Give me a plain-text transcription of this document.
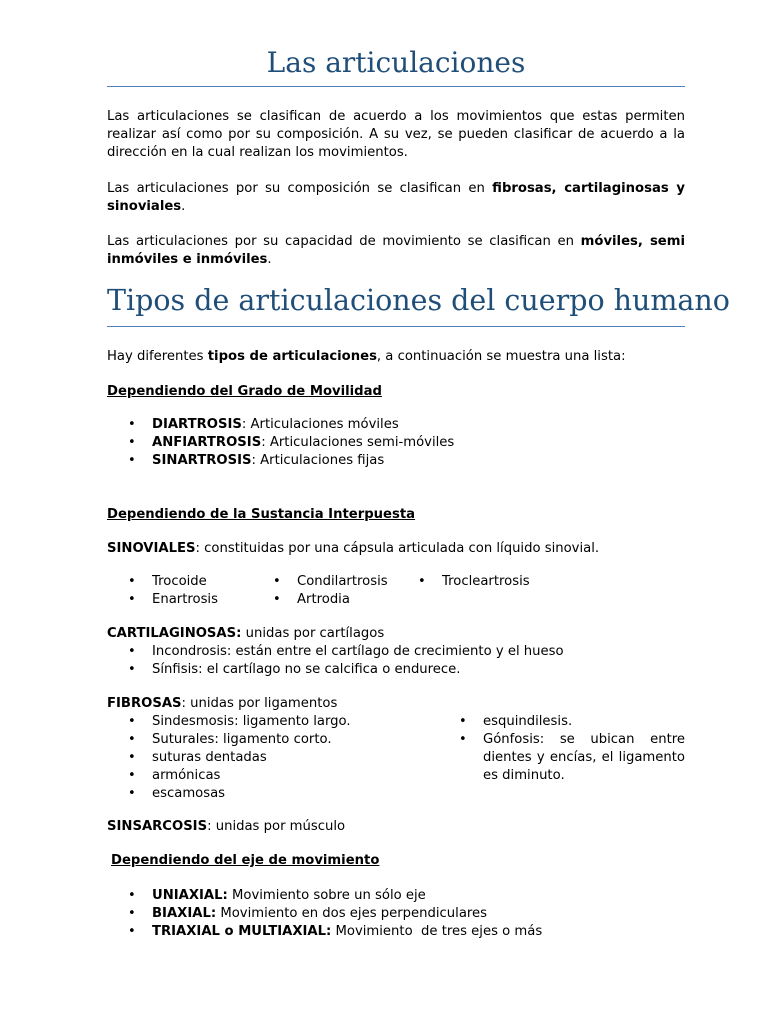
Las articulaciones
Las articulaciones se clasifican de acuerdo a los movimientos que estas permiten realizar así como por su composición. A su vez, se pueden clasificar de acuerdo a la dirección en la cual realizan los movimientos.
Las articulaciones por su composición se clasifican en fibrosas, cartilaginosas y sinoviales.
Las articulaciones por su capacidad de movimiento se clasifican en móviles, semi inmóviles e inmóviles.
Tipos de articulaciones del cuerpo humano
Hay diferentes tipos de articulaciones, a continuación se muestra una lista:
Dependiendo del Grado de Movilidad
• DIARTROSIS: Articulaciones móviles
• ANFIARTROSIS: Articulaciones semi-móviles
• SINARTROSIS: Articulaciones fijas
Dependiendo de la Sustancia Interpuesta
SINOVIALES: constituidas por una cápsula articulada con líquido sinovial.
• Trocoide
• Enartrosis
• Condilartrosis
• Artrodia
• Trocleartrosis
CARTILAGINOSAS: unidas por cartílagos
• Incondrosis: están entre el cartílago de crecimiento y el hueso
• Sínfisis: el cartílago no se calcifica o endurece.
FIBROSAS: unidas por ligamentos
• Sindesmosis: ligamento largo.
• Suturales: ligamento corto.
• suturas dentadas
• armónicas
• escamosas
• esquindilesis.
• Gónfosis: se ubican entre dientes y encías, el ligamento es diminuto.
SINSARCOSIS: unidas por músculo
Dependiendo del eje de movimiento
• UNIAXIAL: Movimiento sobre un sólo eje
• BIAXIAL: Movimiento en dos ejes perpendiculares
• TRIAXIAL o MULTIAXIAL: Movimiento  de tres ejes o más
